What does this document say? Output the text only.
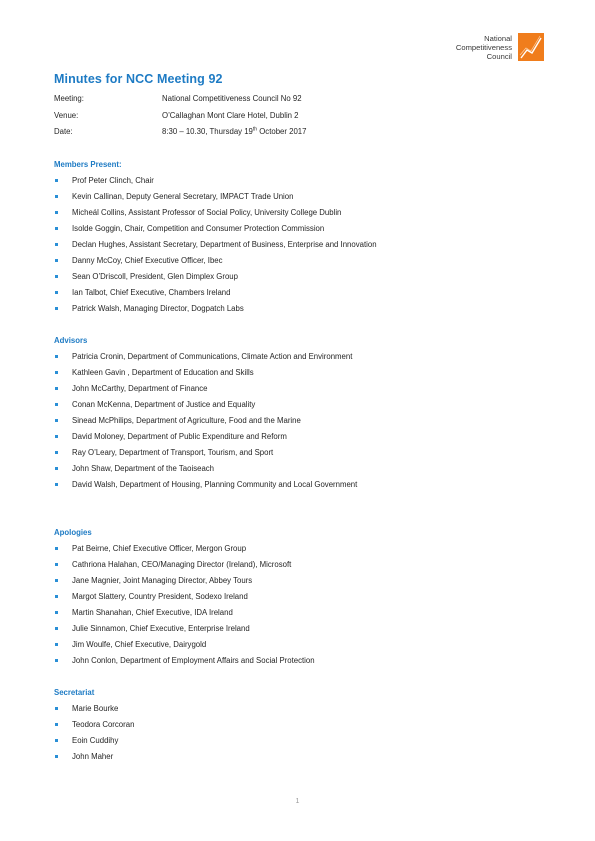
National
Competitiveness
Council
Minutes for NCC Meeting 92
Meeting:	National Competitiveness Council No 92
Venue:	O’Callaghan Mont Clare Hotel, Dublin 2
Date:	8:30 – 10.30, Thursday 19th October 2017
Members Present:
Prof Peter Clinch, Chair
Kevin Callinan, Deputy General Secretary, IMPACT Trade Union
Micheál Collins, Assistant Professor of Social Policy, University College Dublin
Isolde Goggin, Chair, Competition and Consumer Protection Commission
Declan Hughes, Assistant Secretary, Department of Business, Enterprise and Innovation
Danny McCoy, Chief Executive Officer, Ibec
Sean O’Driscoll, President, Glen Dimplex Group
Ian Talbot, Chief Executive, Chambers Ireland
Patrick Walsh, Managing Director, Dogpatch Labs
Advisors
Patricia Cronin, Department of Communications, Climate Action and Environment
Kathleen Gavin , Department of Education and Skills
John McCarthy, Department of Finance
Conan McKenna, Department of Justice and Equality
Sinead McPhilips, Department of Agriculture, Food and the Marine
David Moloney, Department of Public Expenditure and Reform
Ray O’Leary, Department of Transport, Tourism, and Sport
John Shaw, Department of the Taoiseach
David Walsh, Department of Housing, Planning Community and Local Government
Apologies
Pat Beirne, Chief Executive Officer, Mergon Group
Cathriona Halahan, CEO/Managing Director (Ireland), Microsoft
Jane Magnier, Joint Managing Director, Abbey Tours
Margot Slattery, Country President, Sodexo Ireland
Martin Shanahan, Chief Executive, IDA Ireland
Julie Sinnamon, Chief Executive, Enterprise Ireland
Jim Woulfe, Chief Executive, Dairygold
John Conlon, Department of Employment Affairs and Social Protection
Secretariat
Marie Bourke
Teodora Corcoran
Eoin Cuddihy
John Maher
1
